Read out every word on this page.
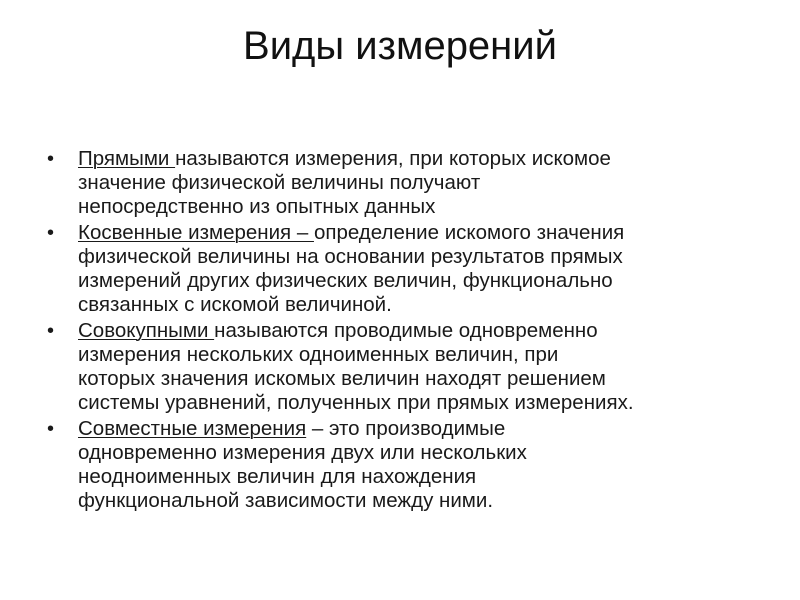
Виды измерений
• Прямыми называются измерения, при которых искомое
значение физической величины получают
непосредственно из опытных данных
• Косвенные измерения – определение искомого значения
физической величины на основании результатов прямых
измерений других физических величин, функционально
связанных с искомой величиной.
• Совокупными называются проводимые одновременно
измерения нескольких одноименных величин, при
которых значения искомых величин находят решением
системы уравнений, полученных при прямых измерениях.
• Совместные измерения – это производимые
одновременно измерения двух или нескольких
неодноименных величин для нахождения
функциональной зависимости между ними.
